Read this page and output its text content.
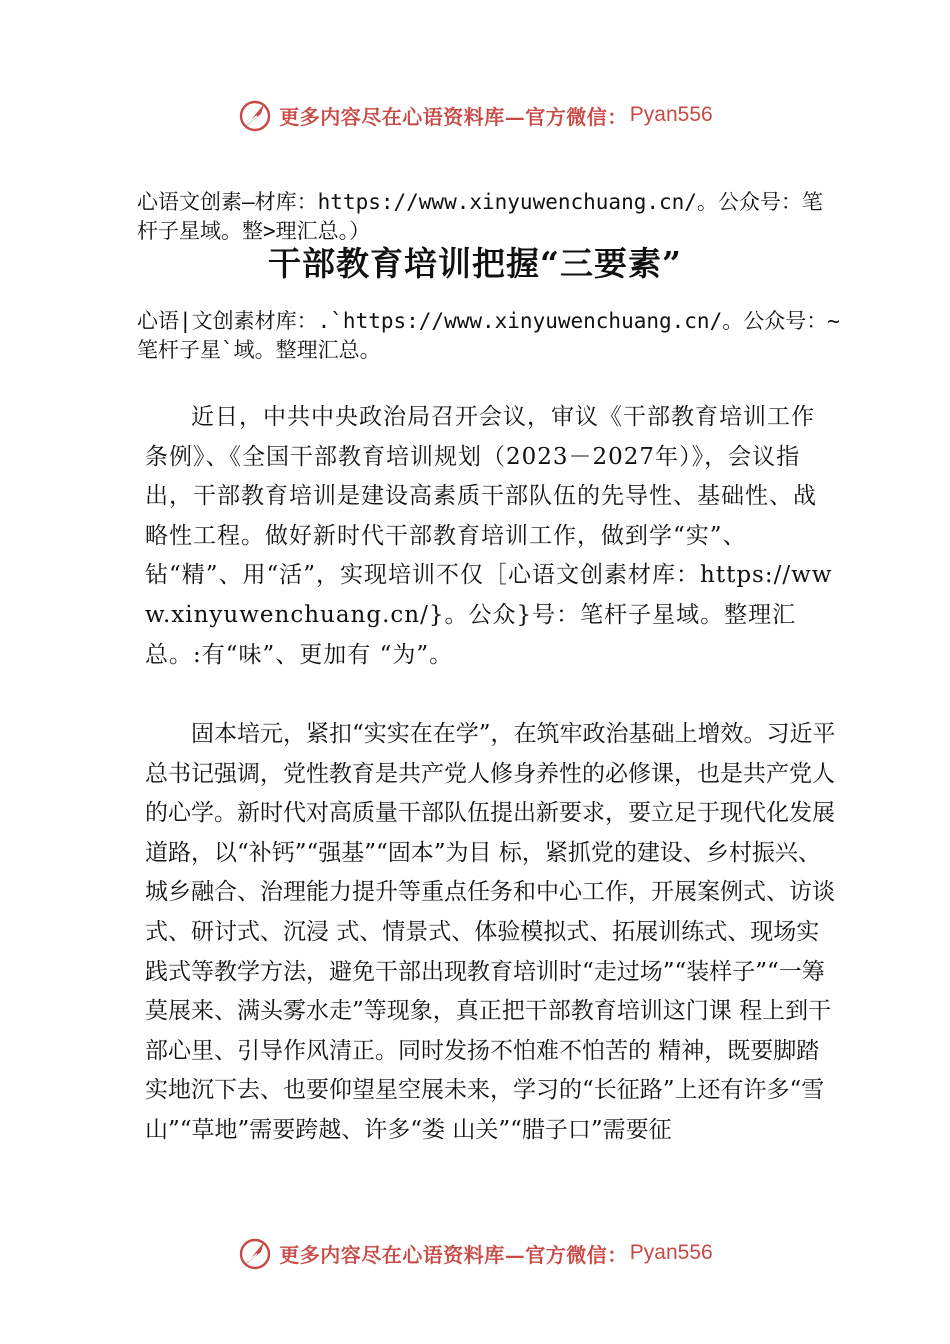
更多内容尽在心语资料库—官方微信： Pyan556
心语文创素—材库：https://www.xinyuwenchuang.cn/。公众号：笔杆子星域。整>理汇总。）
干部教育培训把握“三要素”
心语|文创素材库：.`https://www.xinyuwenchuang.cn/。公众号：~笔杆子星`域。整理汇总。

近日，中共中央政治局召开会议，审议《干部教育培训工作条例》、《全国干部教育培训规划（2023－2027年）》，会议指出，干部教育培训是建设高素质干部队伍的先导性、基础性、战略性工程。做好新时代干部教育培训工作，做到学“实”、钻“精”、用“活”，实现培训不仅［心语文创素材库：https://www.xinyuwenchuang.cn/}。公众}号：笔杆子星域。整理汇总。:有“味”、更加有 “为”。

固本培元，紧扣“实实在在学”，在筑牢政治基础上增效。习近平总书记强调，党性教育是共产党人修身养性的必修课，也是共产党人的心学。新时代对高质量干部队伍提出新要求，要立足于现代化发展道路，以“补钙”“强基”“固本”为目 标，紧抓党的建设、乡村振兴、城乡融合、治理能力提升等重点任务和中心工作，开展案例式、访谈式、研讨式、沉浸 式、情景式、体验模拟式、拓展训练式、现场实践式等教学方法，避免干部出现教育培训时“走过场”“装样子”“一筹 莫展来、满头雾水走”等现象，真正把干部教育培训这门课 程上到干部心里、引导作风清正。同时发扬不怕难不怕苦的 精神，既要脚踏实地沉下去、也要仰望星空展未来，学习的“长征路”上还有许多“雪山”“草地”需要跨越、许多“娄 山关”“腊子口”需要征

更多内容尽在心语资料库—官方微信： Pyan556
